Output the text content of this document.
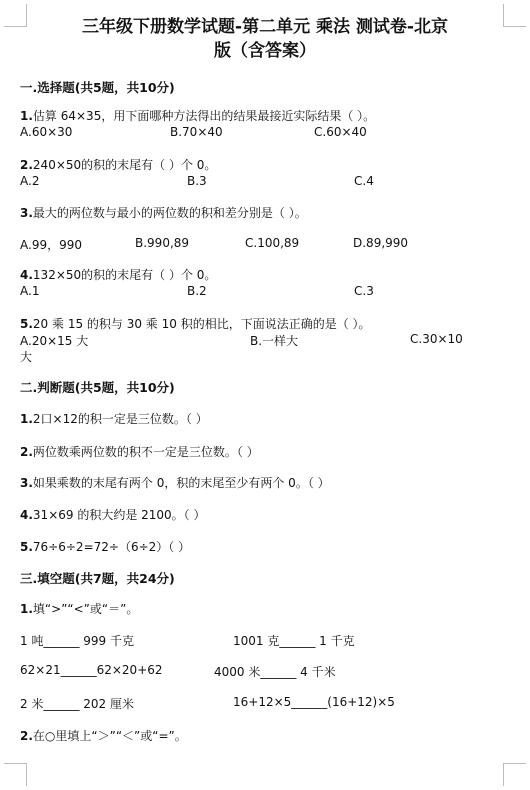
三年级下册数学试题-第二单元 乘法 测试卷-北京
版（含答案）
一.选择题(共5题，共10分)
1.估算 64×35，用下面哪种方法得出的结果最接近实际结果（ ）。
A.60×30	B.70×40	C.60×40
2.240×50的积的末尾有（ ）个 0。
A.2	B.3	C.4
3.最大的两位数与最小的两位数的积和差分别是（ ）。
A.99，990	B.990,89	C.100,89	D.89,990
4.132×50的积的末尾有（ ）个 0。
A.1	B.2	C.3
5.20 乘 15 的积与 30 乘 10 积的相比，下面说法正确的是（ ）。
A.20×15 大	B.一样大	C.30×10
大
二.判断题(共5题，共10分)
1.2口×12的积一定是三位数。（ ）
2.两位数乘两位数的积不一定是三位数。（ ）
3.如果乘数的末尾有两个 0，积的末尾至少有两个 0。（ ）
4.31×69 的积大约是 2100。（ ）
5.76÷6÷2=72÷（6÷2）（ ）
三.填空题(共7题，共24分)
1.填“>”“<”或“＝”。
1 吨______ 999 千克	1001 克______ 1 千克
62×21______62×20+62	4000 米______ 4 千米
2 米______ 202 厘米	16+12×5______(16+12)×5
2.在○里填上“＞”“＜”或“=”。
